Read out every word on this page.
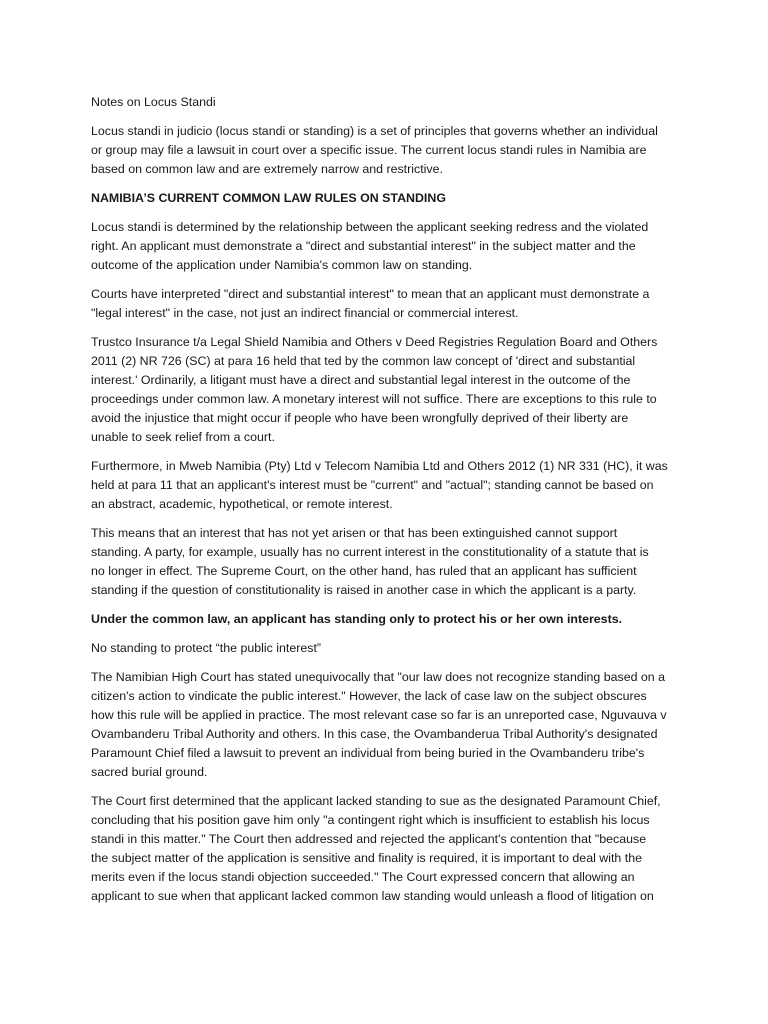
Notes on Locus Standi

Locus standi in judicio (locus standi or standing) is a set of principles that governs whether an individual
or group may file a lawsuit in court over a specific issue. The current locus standi rules in Namibia are
based on common law and are extremely narrow and restrictive.

NAMIBIA’S CURRENT COMMON LAW RULES ON STANDING

Locus standi is determined by the relationship between the applicant seeking redress and the violated
right. An applicant must demonstrate a "direct and substantial interest" in the subject matter and the
outcome of the application under Namibia's common law on standing.

Courts have interpreted "direct and substantial interest" to mean that an applicant must demonstrate a
"legal interest" in the case, not just an indirect financial or commercial interest.

Trustco Insurance t/a Legal Shield Namibia and Others v Deed Registries Regulation Board and Others
2011 (2) NR 726 (SC) at para 16 held that ted by the common law concept of 'direct and substantial
interest.' Ordinarily, a litigant must have a direct and substantial legal interest in the outcome of the
proceedings under common law. A monetary interest will not suffice. There are exceptions to this rule to
avoid the injustice that might occur if people who have been wrongfully deprived of their liberty are
unable to seek relief from a court.

Furthermore, in Mweb Namibia (Pty) Ltd v Telecom Namibia Ltd and Others 2012 (1) NR 331 (HC), it was
held at para 11 that an applicant's interest must be "current" and "actual"; standing cannot be based on
an abstract, academic, hypothetical, or remote interest.

This means that an interest that has not yet arisen or that has been extinguished cannot support
standing. A party, for example, usually has no current interest in the constitutionality of a statute that is
no longer in effect. The Supreme Court, on the other hand, has ruled that an applicant has sufficient
standing if the question of constitutionality is raised in another case in which the applicant is a party.

Under the common law, an applicant has standing only to protect his or her own interests.

No standing to protect “the public interest”

The Namibian High Court has stated unequivocally that "our law does not recognize standing based on a
citizen's action to vindicate the public interest." However, the lack of case law on the subject obscures
how this rule will be applied in practice. The most relevant case so far is an unreported case, Nguvauva v
Ovambanderu Tribal Authority and others. In this case, the Ovambanderua Tribal Authority's designated
Paramount Chief filed a lawsuit to prevent an individual from being buried in the Ovambanderu tribe's
sacred burial ground.

The Court first determined that the applicant lacked standing to sue as the designated Paramount Chief,
concluding that his position gave him only "a contingent right which is insufficient to establish his locus
standi in this matter." The Court then addressed and rejected the applicant's contention that "because
the subject matter of the application is sensitive and finality is required, it is important to deal with the
merits even if the locus standi objection succeeded." The Court expressed concern that allowing an
applicant to sue when that applicant lacked common law standing would unleash a flood of litigation on
